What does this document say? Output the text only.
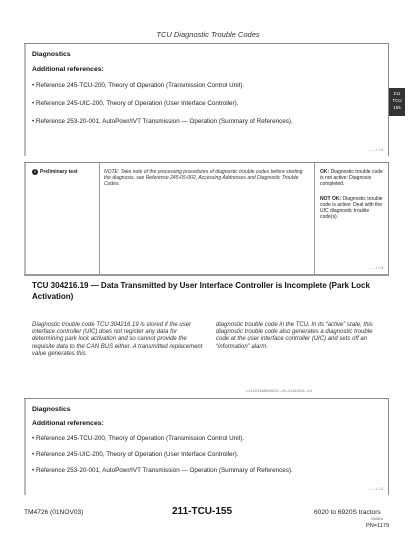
TCU Diagnostic Trouble Codes
Diagnostics
Additional references:
• Reference 245-TCU-200, Theory of Operation (Transmission Control Unit).
• Reference 245-UIC-200, Theory of Operation (User Interface Controller).
• Reference 253-20-001, AutoPowr/IVT Transmission — Operation (Summary of References).
- - -/-/1
211
TCU
155
i Preliminary test	NOTE: Take note of the processing procedures of diagnostic trouble codes before starting the diagnosis, see Reference 245-05-002, Accessing Addresses and Diagnostic Trouble Codes.
OK: Diagnostic trouble code is not active: Diagnosis completed.
NOT OK: Diagnostic trouble code is active: Deal with the UIC diagnostic trouble code(s).
- - -/-/1
TCU 304216.19 — Data Transmitted by User Interface Controller is Incomplete (Park Lock Activation)
Diagnostic trouble code TCU 304216.19 is stored if the user interface controller (UIC) does not register any data for determining park lock activation and so cannot provide the requisite data to the CAN BUS either. A transmitted replacement value generates this
diagnostic trouble code in the TCU. In its “active” state, this diagnostic trouble code also generates a diagnostic trouble code at the user interface controller (UIC) and sets off an “information” alarm.
LX1023438006C02 –19–01AUG01–1/1
Diagnostics
Additional references:
• Reference 245-TCU-200, Theory of Operation (Transmission Control Unit).
• Reference 245-UIC-200, Theory of Operation (User Interface Controller).
• Reference 253-20-001, AutoPowr/IVT Transmission — Operation (Summary of References).
- - -/-/1
TM4726 (01NOV03)	211-TCU-155	6020 to 6920S tractors
050804
PN=1179
